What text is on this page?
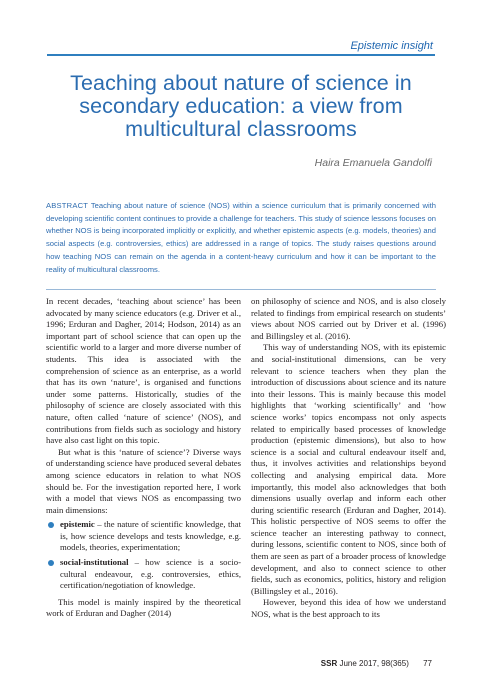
Epistemic insight
Teaching about nature of science in secondary education: a view from multicultural classrooms
Haira Emanuela Gandolfi
ABSTRACT Teaching about nature of science (NOS) within a science curriculum that is primarily concerned with developing scientific content continues to provide a challenge for teachers. This study of science lessons focuses on whether NOS is being incorporated implicitly or explicitly, and whether epistemic aspects (e.g. models, theories) and social aspects (e.g. controversies, ethics) are addressed in a range of topics. The study raises questions around how teaching NOS can remain on the agenda in a content-heavy curriculum and how it can be important to the reality of multicultural classrooms.

In recent decades, ‘teaching about science’ has been advocated by many science educators (e.g. Driver et al., 1996; Erduran and Dagher, 2014; Hodson, 2014) as an important part of school science that can open up the scientific world to a larger and more diverse number of students. This idea is associated with the comprehension of science as an enterprise, as a world that has its own ‘nature’, is organised and functions under some patterns. Historically, studies of the philosophy of science are closely associated with this nature, often called ‘nature of science’ (NOS), and contributions from fields such as sociology and history have also cast light on this topic.

But what is this ‘nature of science’? Diverse ways of understanding science have produced several debates among science educators in relation to what NOS should be. For the investigation reported here, I work with a model that views NOS as encompassing two main dimensions:

epistemic – the nature of scientific knowledge, that is, how science develops and tests knowledge, e.g. models, theories, experimentation;
social-institutional – how science is a socio-cultural endeavour, e.g. controversies, ethics, certification/negotiation of knowledge.

This model is mainly inspired by the theoretical work of Erduran and Dagher (2014)

on philosophy of science and NOS, and is also closely related to findings from empirical research on students’ views about NOS carried out by Driver et al. (1996) and Billingsley et al. (2016).

This way of understanding NOS, with its epistemic and social-institutional dimensions, can be very relevant to science teachers when they plan the introduction of discussions about science and its nature into their lessons. This is mainly because this model highlights that ‘working scientifically’ and ‘how science works’ topics encompass not only aspects related to empirically based processes of knowledge production (epistemic dimensions), but also to how science is a social and cultural endeavour itself and, thus, it involves activities and relationships beyond collecting and analysing empirical data. More importantly, this model also acknowledges that both dimensions usually overlap and inform each other during scientific research (Erduran and Dagher, 2014). This holistic perspective of NOS seems to offer the science teacher an interesting pathway to connect, during lessons, scientific content to NOS, since both of them are seen as part of a broader process of knowledge development, and also to connect science to other fields, such as economics, politics, history and religion (Billingsley et al., 2016).

However, beyond this idea of how we understand NOS, what is the best approach to its

SSR June 2017, 98(365) 77
